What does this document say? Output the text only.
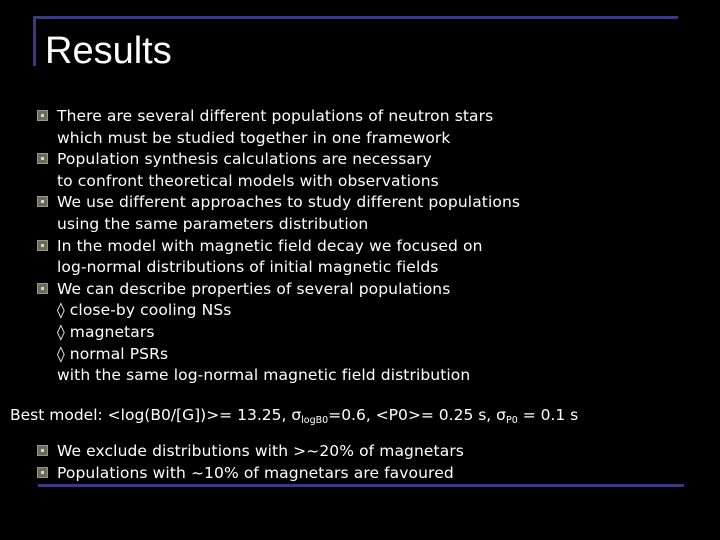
Results
There are several different populations of neutron stars
which must be studied together in one framework
Population synthesis calculations are necessary
to confront theoretical models with observations
We use different approaches to study different populations
using the same parameters distribution
In the model with magnetic field decay we focused on
log-normal distributions of initial magnetic fields
We can describe properties of several populations
◊ close-by cooling NSs
◊ magnetars
◊ normal PSRs
with the same log-normal magnetic field distribution
Best model: <log(B0/[G])>= 13.25, $\sigma_{logB0}=0.6$, <P0>= 0.25 s, $\sigma_{P0} = 0.1$ s
We exclude distributions with >~20% of magnetars
Populations with ~10% of magnetars are favoured
